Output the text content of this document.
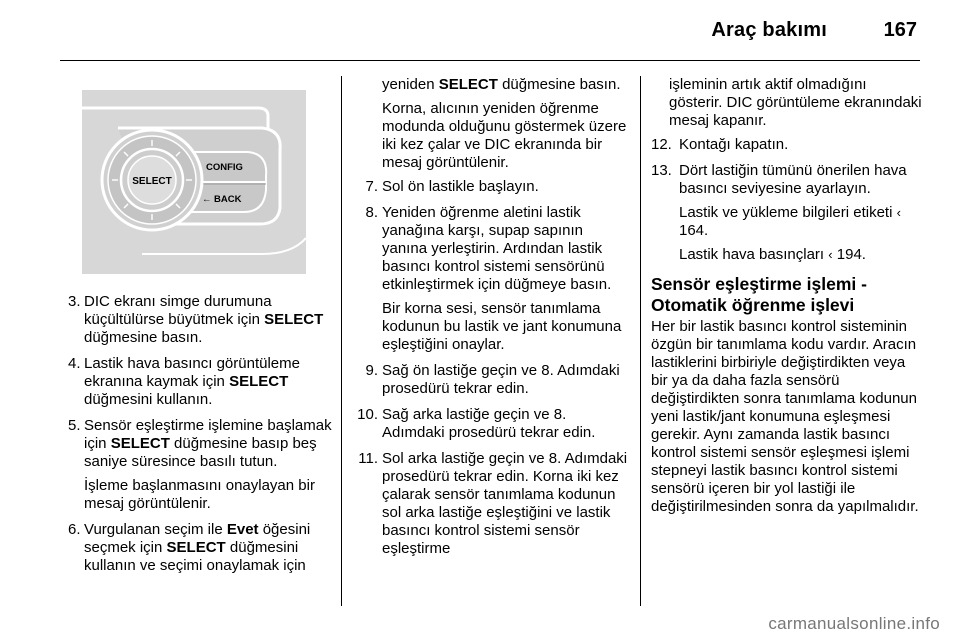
Araç bakımı	167
SELECT
CONFIG
← BACK
3. DIC ekranı simge durumuna küçültülürse büyütmek için SELECT düğmesine basın.

4. Lastik hava basıncı görüntüleme ekranına kaymak için SELECT düğmesini kullanın.

5. Sensör eşleştirme işlemine başlamak için SELECT düğmesine basıp beş saniye süresince basılı tutun.

İşleme başlanmasını onaylayan bir mesaj görüntülenir.

6. Vurgulanan seçim ile Evet öğesini seçmek için SELECT düğmesini kullanın ve seçimi onaylamak için

yeniden SELECT düğmesine basın.

Korna, alıcının yeniden öğrenme modunda olduğunu göstermek üzere iki kez çalar ve DIC ekranında bir mesaj görüntülenir.

7. Sol ön lastikle başlayın.

8. Yeniden öğrenme aletini lastik yanağına karşı, supap sapının yanına yerleştirin. Ardından lastik basıncı kontrol sistemi sensörünü etkinleştirmek için düğmeye basın.

Bir korna sesi, sensör tanımlama kodunun bu lastik ve jant konumuna eşleştiğini onaylar.

9. Sağ ön lastiğe geçin ve 8. Adımdaki prosedürü tekrar edin.

10. Sağ arka lastiğe geçin ve 8. Adımdaki prosedürü tekrar edin.

11. Sol arka lastiğe geçin ve 8. Adımdaki prosedürü tekrar edin. Korna iki kez çalarak sensör tanımlama kodunun sol arka lastiğe eşleştiğini ve lastik basıncı kontrol sistemi sensör eşleştirme

işleminin artık aktif olmadığını gösterir. DIC görüntüleme ekranındaki mesaj kapanır.

12. Kontağı kapatın.

13. Dört lastiğin tümünü önerilen hava basıncı seviyesine ayarlayın.

Lastik ve yükleme bilgileri etiketi ‹ 164.

Lastik hava basınçları ‹ 194.

Sensör eşleştirme işlemi - Otomatik öğrenme işlevi

Her bir lastik basıncı kontrol sisteminin özgün bir tanımlama kodu vardır. Aracın lastiklerini birbiriyle değiştirdikten veya bir ya da daha fazla sensörü değiştirdikten sonra tanımlama kodunun yeni lastik/jant konumuna eşleşmesi gerekir. Aynı zamanda lastik basıncı kontrol sistemi sensör eşleşmesi işlemi stepneyi lastik basıncı kontrol sistemi sensörü içeren bir yol lastiği ile değiştirilmesinden sonra da yapılmalıdır.

carmanualsonline.info
